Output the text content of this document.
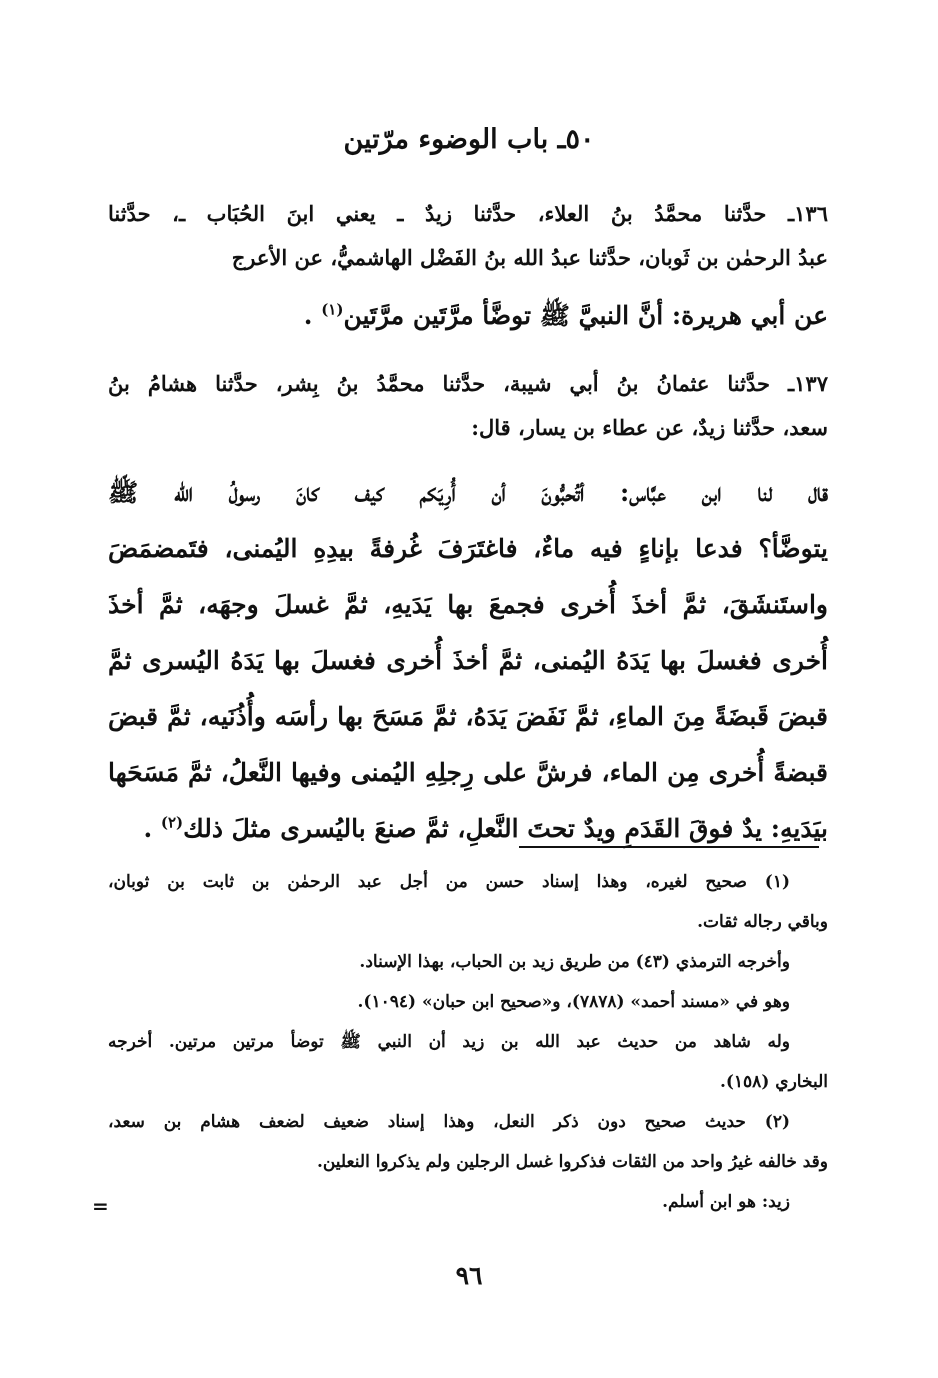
٥٠ـ باب الوضوء مرّتين
١٣٦ـ حدَّثنا محمَّدُ بنُ العلاء، حدَّثنا زيدٌ ـ يعني ابنَ الحُبَاب ـ، حدَّثنا
عبدُ الرحمٰن بن ثَوبان، حدَّثنا عبدُ الله بنُ الفَضْل الهاشميُّ، عن الأعرج
عن أبي هريرة: أنَّ النبيَّ ﷺ توضَّأ مرَّتَين مرَّتَين$^{(١)}$ .
١٣٧ـ حدَّثنا عثمانُ بنُ أبي شيبة، حدَّثنا محمَّدُ بنُ بِشر، حدَّثنا هشامُ بنُ
سعد، حدَّثنا زيدٌ، عن عطاء بن يسار، قال:
قال لنا ابن عبَّاس: أتُحبُّونَ أن أُرِيَكم كيف كانَ رسولُ الله ﷺ
يتوضَّأ؟ فدعا بإناءٍ فيه ماءٌ، فاغتَرَفَ غُرفةً بيدِهِ اليُمنى، فتَمضمَضَ
واستَنشَقَ، ثمَّ أخذَ أُخرى فجمعَ بها يَدَيهِ، ثمَّ غسلَ وجهَه، ثمَّ أخذَ
أُخرى فغسلَ بها يَدَهُ اليُمنى، ثمَّ أخذَ أُخرى فغسلَ بها يَدَهُ اليُسرى ثمَّ
قبضَ قَبضَةً مِنَ الماءِ، ثمَّ نَفَضَ يَدَهُ، ثمَّ مَسَحَ بها رأسَه وأُذُنَيه، ثمَّ قبضَ
قبضةً أُخرى مِن الماء، فرشَّ على رِجلِهِ اليُمنى وفيها النَّعلُ، ثمَّ مَسَحَها
بيَدَيهِ: يدٌ فوقَ القَدَمِ ويدٌ تحتَ النَّعلِ، ثمَّ صنعَ باليُسرى مثلَ ذلك$^{(٢)}$ .
(١) صحيح لغيره، وهذا إسناد حسن من أجل عبد الرحمٰن بن ثابت بن ثوبان،
وباقي رجاله ثقات.
وأخرجه الترمذي (٤٣) من طريق زيد بن الحباب، بهذا الإسناد.
وهو في «مسند أحمد» (٧٨٧٨)، و«صحيح ابن حبان» (١٠٩٤).
وله شاهد من حديث عبد الله بن زيد أن النبي ﷺ توضأ مرتين مرتين. أخرجه
البخاري (١٥٨).
(٢) حديث صحيح دون ذكر النعل، وهذا إسناد ضعيف لضعف هشام بن سعد،
وقد خالفه غيرُ واحد من الثقات فذكروا غسل الرجلين ولم يذكروا النعلين.
زيد: هو ابن أسلم.
=
٩٦
